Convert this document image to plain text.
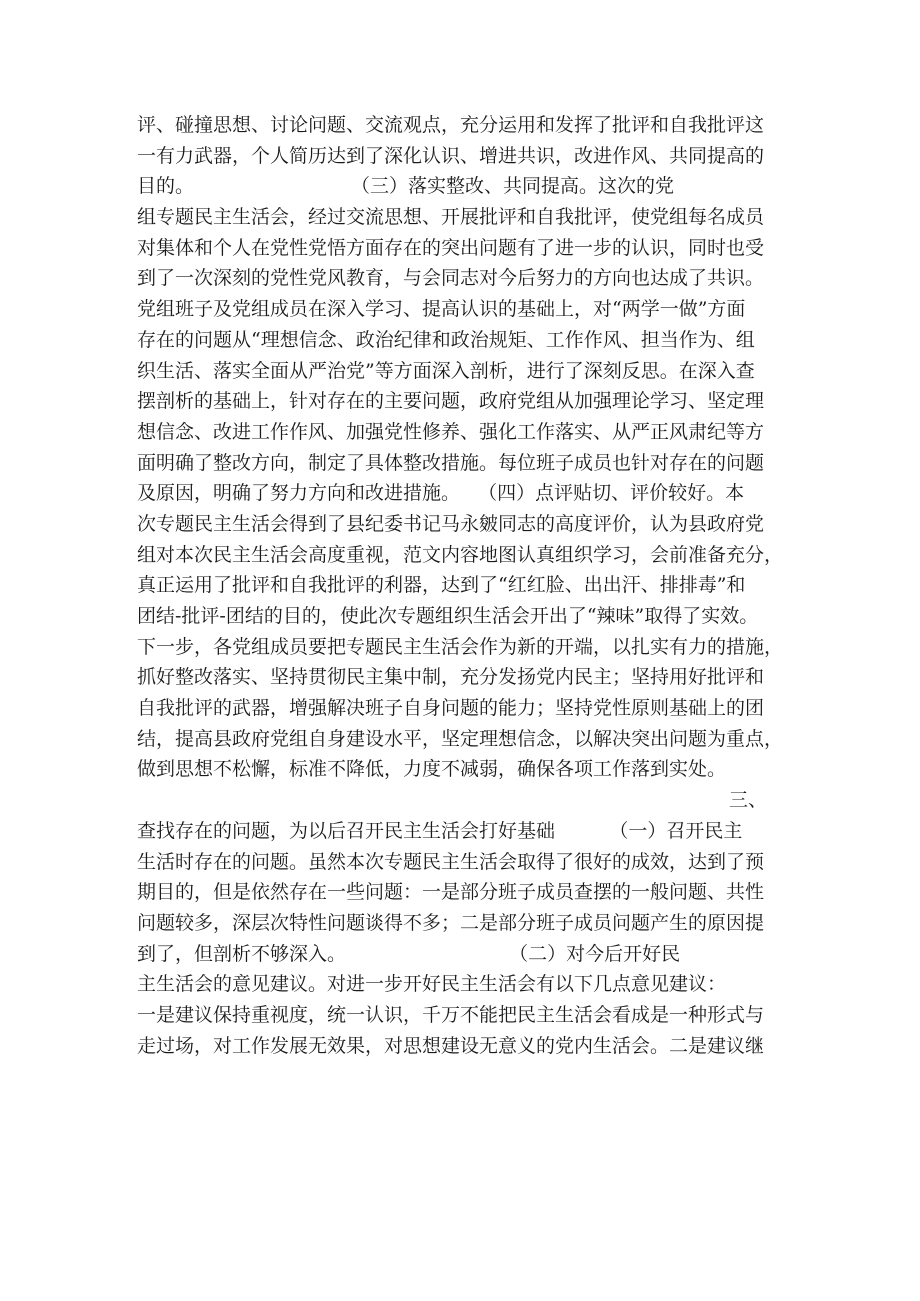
评、碰撞思想、讨论问题、交流观点，充分运用和发挥了批评和自我批评这
一有力武器，个人简历达到了深化认识、增进共识，改进作风、共同提高的
目的。                          （三）落实整改、共同提高。这次的党
组专题民主生活会，经过交流思想、开展批评和自我批评，使党组每名成员
对集体和个人在党性党悟方面存在的突出问题有了进一步的认识，同时也受
到了一次深刻的党性党风教育，与会同志对今后努力的方向也达成了共识。
党组班子及党组成员在深入学习、提高认识的基础上，对“两学一做”方面
存在的问题从“理想信念、政治纪律和政治规矩、工作作风、担当作为、组
织生活、落实全面从严治党”等方面深入剖析，进行了深刻反思。在深入查
摆剖析的基础上，针对存在的主要问题，政府党组从加强理论学习、坚定理
想信念、改进工作作风、加强党性修养、强化工作落实、从严正风肃纪等方
面明确了整改方向，制定了具体整改措施。每位班子成员也针对存在的问题
及原因，明确了努力方向和改进措施。   （四）点评贴切、评价较好。本
次专题民主生活会得到了县纪委书记马永皴同志的高度评价，认为县政府党
组对本次民主生活会高度重视，范文内容地图认真组织学习，会前准备充分，
真正运用了批评和自我批评的利器，达到了“红红脸、出出汗、排排毒”和
团结-批评-团结的目的，使此次专题组织生活会开出了“辣味”取得了实效。
下一步，各党组成员要把专题民主生活会作为新的开端，以扎实有力的措施，
抓好整改落实、坚持贯彻民主集中制，充分发扬党内民主；坚持用好批评和
自我批评的武器，增强解决班子自身问题的能力；坚持党性原则基础上的团
结，提高县政府党组自身建设水平，坚定理想信念，以解决突出问题为重点，
做到思想不松懈，标准不降低，力度不减弱，确保各项工作落到实处。
三、
查找存在的问题，为以后召开民主生活会打好基础         （一）召开民主
生活时存在的问题。虽然本次专题民主生活会取得了很好的成效，达到了预
期目的，但是依然存在一些问题：一是部分班子成员查摆的一般问题、共性
问题较多，深层次特性问题谈得不多；二是部分班子成员问题产生的原因提
到了，但剖析不够深入。                           （二）对今后开好民
主生活会的意见建议。对进一步开好民主生活会有以下几点意见建议：
一是建议保持重视度，统一认识，千万不能把民主生活会看成是一种形式与
走过场，对工作发展无效果，对思想建设无意义的党内生活会。二是建议继
